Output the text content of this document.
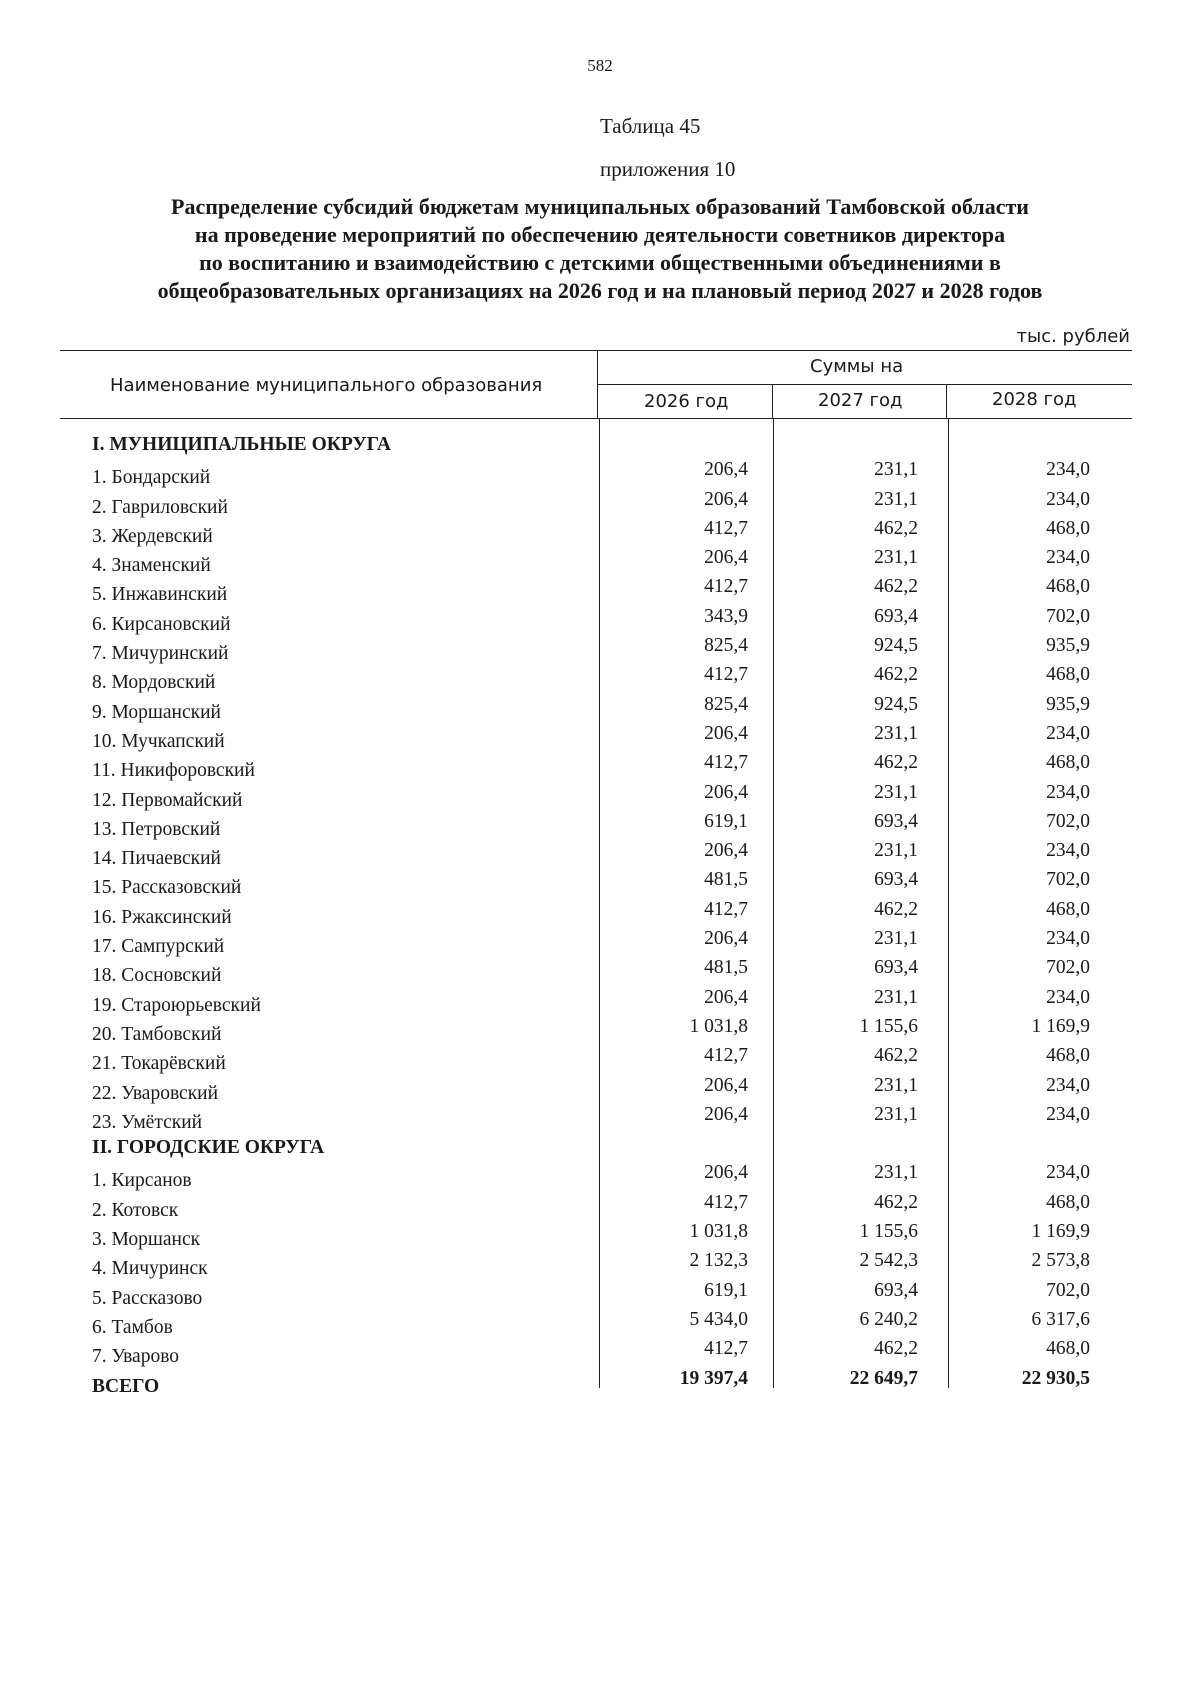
582
Таблица 45
приложения 10
Распределение субсидий бюджетам муниципальных образований Тамбовской области
на проведение мероприятий по обеспечению деятельности советников директора
по воспитанию и взаимодействию с детскими общественными объединениями в
общеобразовательных организациях на 2026 год и на плановый период 2027 и 2028 годов
тыс. рублей
Наименование муниципального образования
Суммы на
2026 год	2027 год	2028 год
I. МУНИЦИПАЛЬНЫЕ ОКРУГА
1. Бондарский	206,4	231,1	234,0
2. Гавриловский	206,4	231,1	234,0
3. Жердевский	412,7	462,2	468,0
4. Знаменский	206,4	231,1	234,0
5. Инжавинский	412,7	462,2	468,0
6. Кирсановский	343,9	693,4	702,0
7. Мичуринский	825,4	924,5	935,9
8. Мордовский	412,7	462,2	468,0
9. Моршанский	825,4	924,5	935,9
10. Мучкапский	206,4	231,1	234,0
11. Никифоровский	412,7	462,2	468,0
12. Первомайский	206,4	231,1	234,0
13. Петровский	619,1	693,4	702,0
14. Пичаевский	206,4	231,1	234,0
15. Рассказовский	481,5	693,4	702,0
16. Ржаксинский	412,7	462,2	468,0
17. Сампурский	206,4	231,1	234,0
18. Сосновский	481,5	693,4	702,0
19. Староюрьевский	206,4	231,1	234,0
20. Тамбовский	1 031,8	1 155,6	1 169,9
21. Токарёвский	412,7	462,2	468,0
22. Уваровский	206,4	231,1	234,0
23. Умётский	206,4	231,1	234,0
II. ГОРОДСКИЕ ОКРУГА
1. Кирсанов	206,4	231,1	234,0
2. Котовск	412,7	462,2	468,0
3. Моршанск	1 031,8	1 155,6	1 169,9
4. Мичуринск	2 132,3	2 542,3	2 573,8
5. Рассказово	619,1	693,4	702,0
6. Тамбов	5 434,0	6 240,2	6 317,6
7. Уварово	412,7	462,2	468,0
ВСЕГО	19 397,4	22 649,7	22 930,5
